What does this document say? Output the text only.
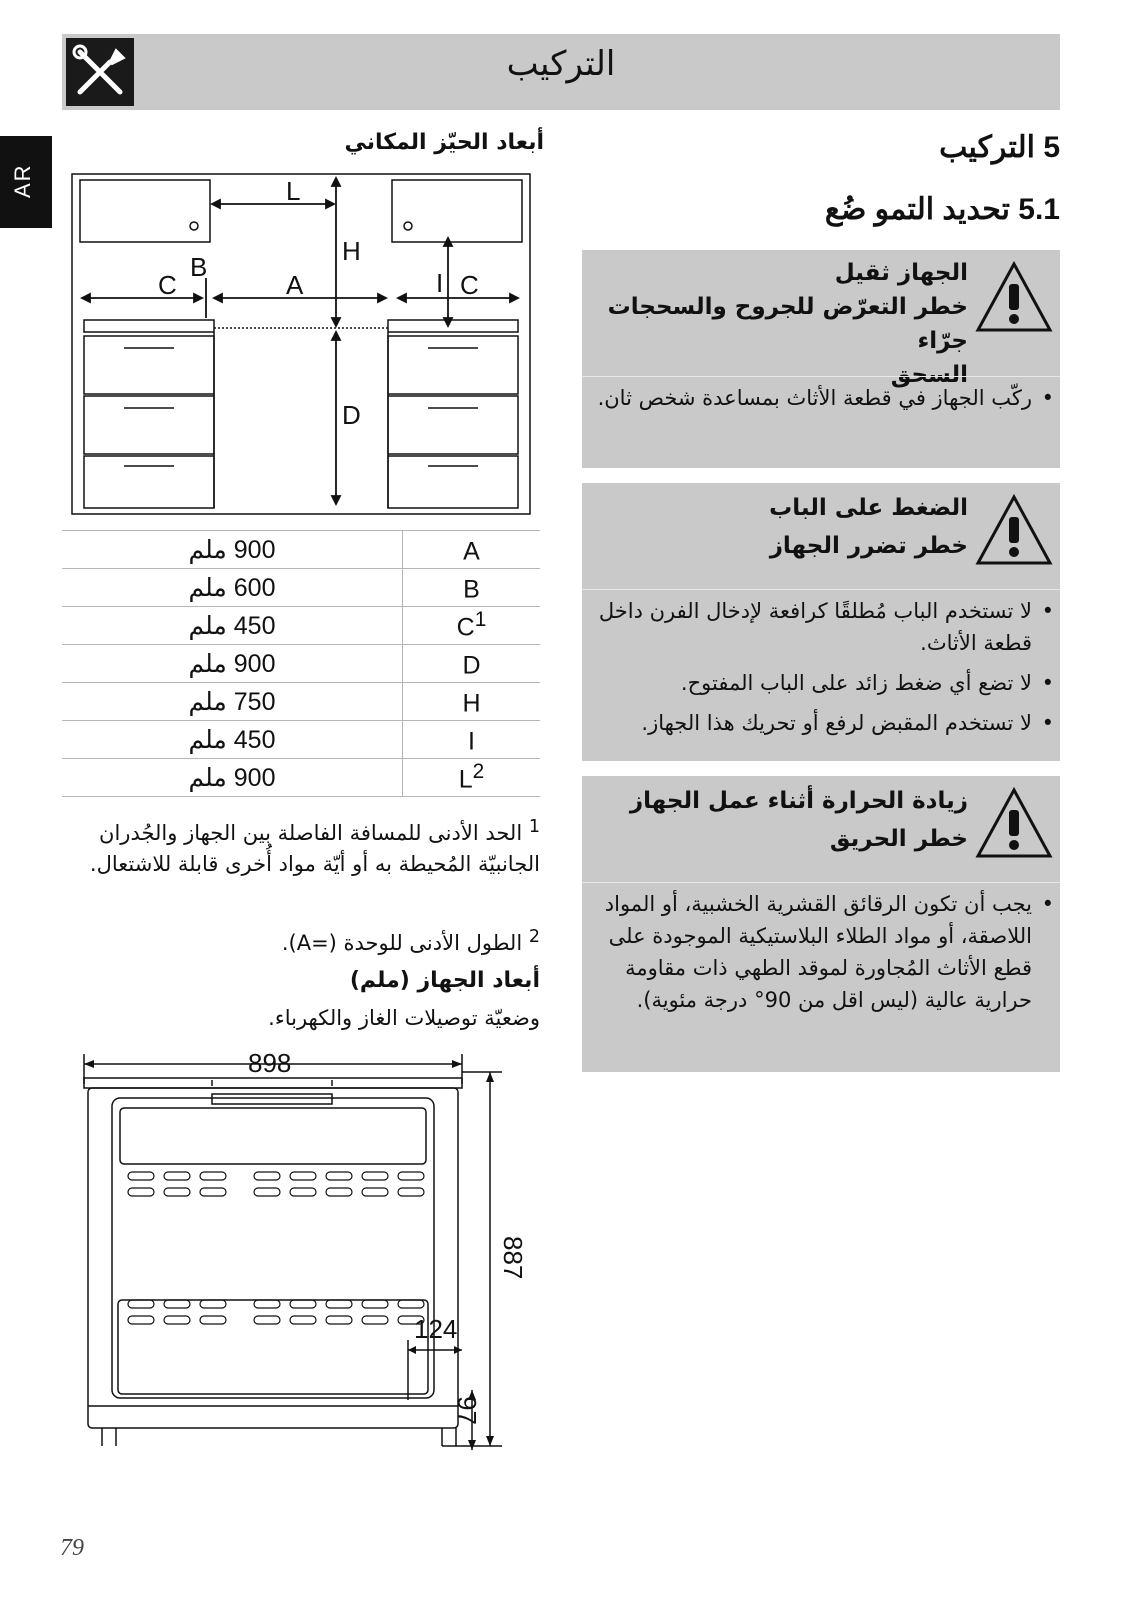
التركيب
AR
5 التركيب
5.1 تحديد التمو ضُع
الجهاز ثقيل
خطر التعرّض للجروح والسحجات جرّاء
السحق
• ركّب الجهاز في قطعة الأثاث بمساعدة شخص ثان.
الضغط على الباب
خطر تضرر الجهاز
• لا تستخدم الباب مُطلقًا كرافعة لإدخال الفرن داخل قطعة الأثاث.
• لا تضع أي ضغط زائد على الباب المفتوح.
• لا تستخدم المقبض لرفع أو تحريك هذا الجهاز.
زيادة الحرارة أثناء عمل الجهاز
خطر الحريق
• يجب أن تكون الرقائق القشرية الخشبية، أو المواد اللاصقة، أو مواد الطلاء البلاستيكية الموجودة على قطع الأثاث المُجاورة لموقد الطهي ذات مقاومة حرارية عالية (ليس اقل من 90° درجة مئوية).
أبعاد الحيّز المكاني
L
H
C
B
A	I C
D
900 ملم	A
600 ملم	B
450 ملم	$C^1$
900 ملم	D
750 ملم	H
450 ملم	I
900 ملم	$L^2$
$^1$ الحد الأدنى للمسافة الفاصلة بين الجهاز والجُدران الجانبيّة المُحيطة به أو أيّة مواد أُخرى قابلة للاشتعال.
$^2$ الطول الأدنى للوحدة (=A).
أبعاد الجهاز (ملم)
وضعيّة توصيلات الغاز والكهرباء.
898
124
887
97
79
